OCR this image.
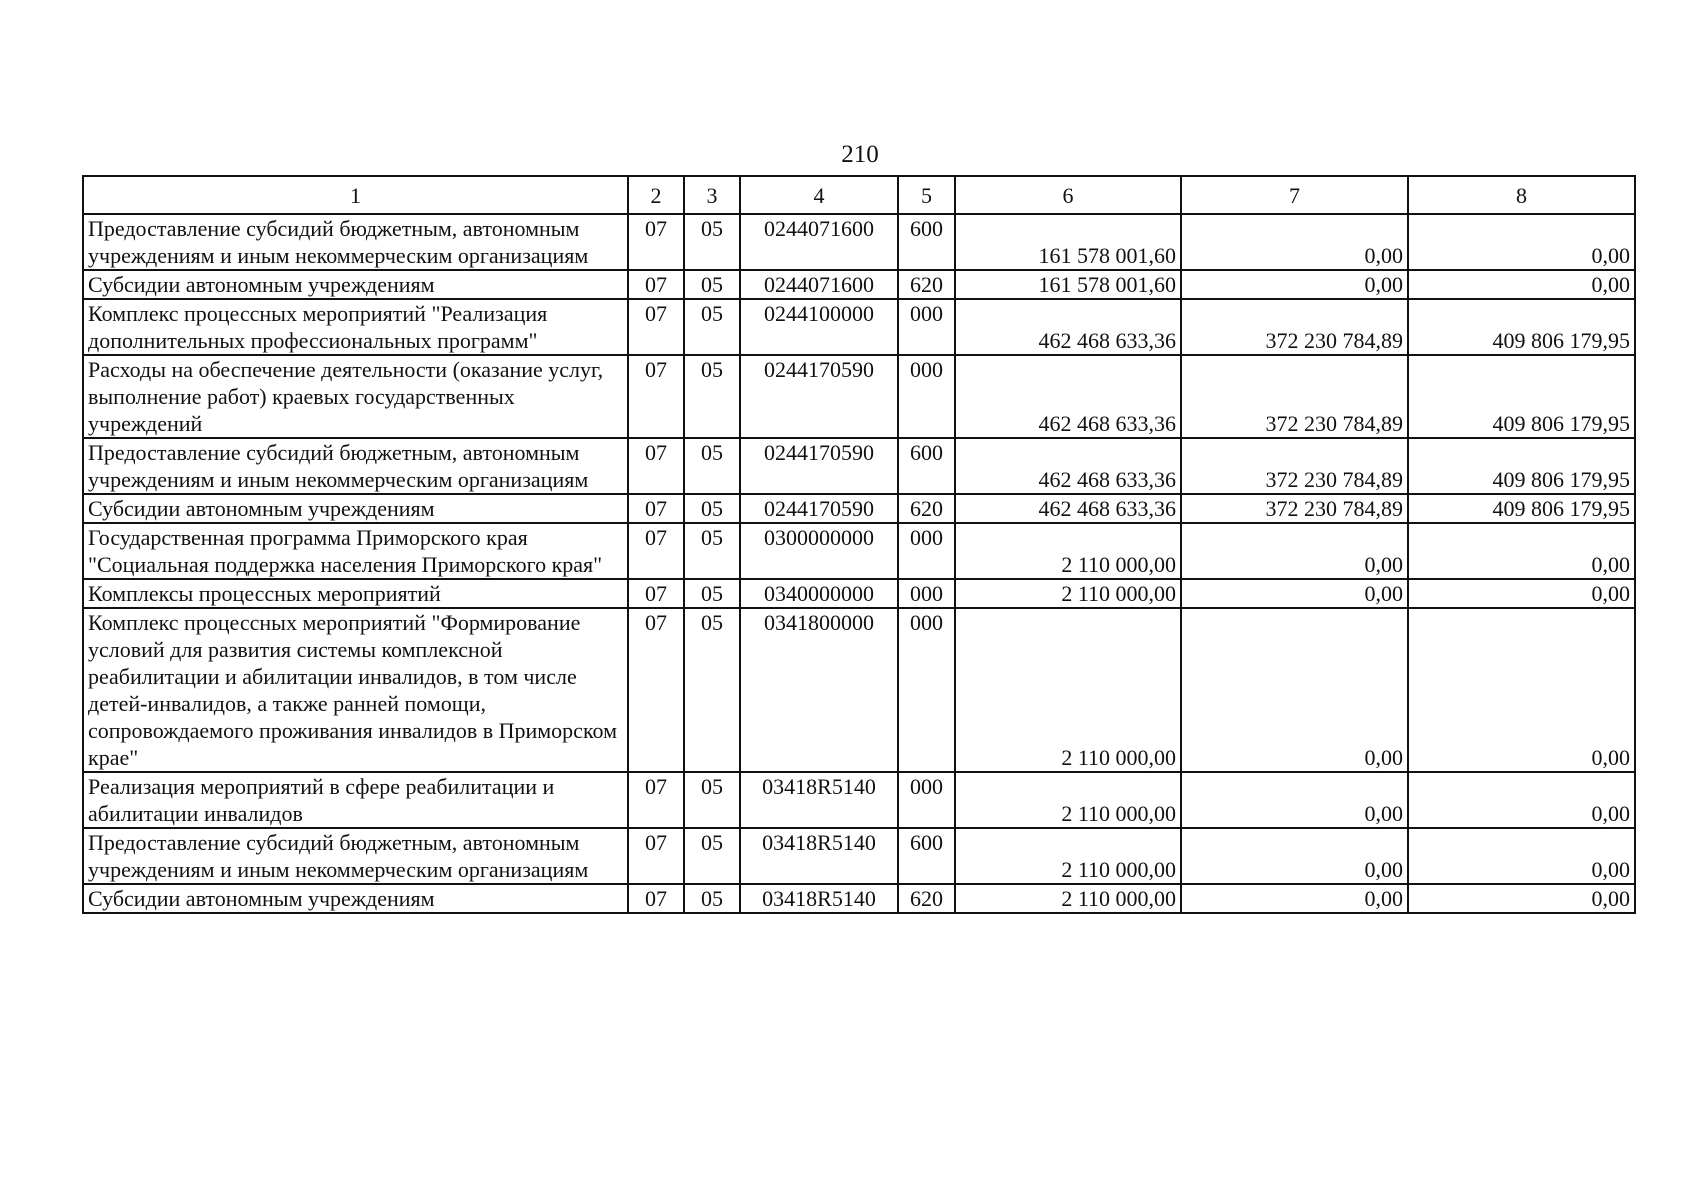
210
1	2	3	4	5	6	7	8
Предоставление субсидий бюджетным, автономным учреждениям и иным некоммерческим организациям	07	05	0244071600	600	161 578 001,60	0,00	0,00
Субсидии автономным учреждениям	07	05	0244071600	620	161 578 001,60	0,00	0,00
Комплекс процессных мероприятий "Реализация дополнительных профессиональных программ"	07	05	0244100000	000	462 468 633,36	372 230 784,89	409 806 179,95
Расходы на обеспечение деятельности (оказание услуг, выполнение работ) краевых государственных учреждений	07	05	0244170590	000	462 468 633,36	372 230 784,89	409 806 179,95
Предоставление субсидий бюджетным, автономным учреждениям и иным некоммерческим организациям	07	05	0244170590	600	462 468 633,36	372 230 784,89	409 806 179,95
Субсидии автономным учреждениям	07	05	0244170590	620	462 468 633,36	372 230 784,89	409 806 179,95
Государственная программа Приморского края "Социальная поддержка населения Приморского края"	07	05	0300000000	000	2 110 000,00	0,00	0,00
Комплексы процессных мероприятий	07	05	0340000000	000	2 110 000,00	0,00	0,00
Комплекс процессных мероприятий "Формирование условий для развития системы комплексной реабилитации и абилитации инвалидов, в том числе детей-инвалидов, а также ранней помощи, сопровождаемого проживания инвалидов в Приморском крае"	07	05	0341800000	000	2 110 000,00	0,00	0,00
Реализация мероприятий в сфере реабилитации и абилитации инвалидов	07	05	03418R5140	000	2 110 000,00	0,00	0,00
Предоставление субсидий бюджетным, автономным учреждениям и иным некоммерческим организациям	07	05	03418R5140	600	2 110 000,00	0,00	0,00
Субсидии автономным учреждениям	07	05	03418R5140	620	2 110 000,00	0,00	0,00
